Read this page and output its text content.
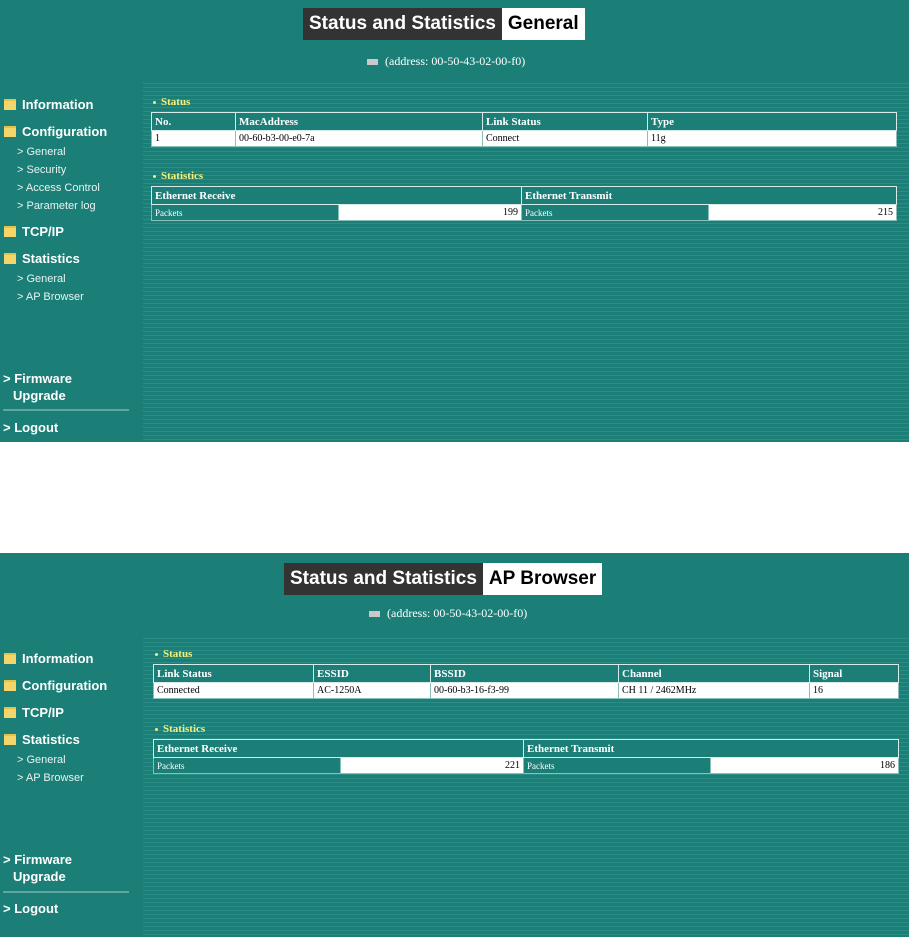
Status and Statistics General
(address: 00-50-43-02-00-f0)
Information
Configuration
> General
> Security
> Access Control
> Parameter log
TCP/IP
Statistics
> General
> AP Browser
> Firmware
Upgrade
> Logout
Status
No.	MacAddress	Link Status	Type
1	00-60-b3-00-e0-7a	Connect	11g
Statistics
Ethernet Receive		Ethernet Transmit	
Packets	199	Packets	215
Status and Statistics AP Browser
(address: 00-50-43-02-00-f0)
Information
Configuration
TCP/IP
Statistics
> General
> AP Browser
> Firmware
Upgrade
> Logout
Status
Link Status	ESSID	BSSID	Channel	Signal
Connected	AC-1250A	00-60-b3-16-f3-99	CH 11 / 2462MHz	16
Statistics
Ethernet Receive		Ethernet Transmit	
Packets	221	Packets	186
